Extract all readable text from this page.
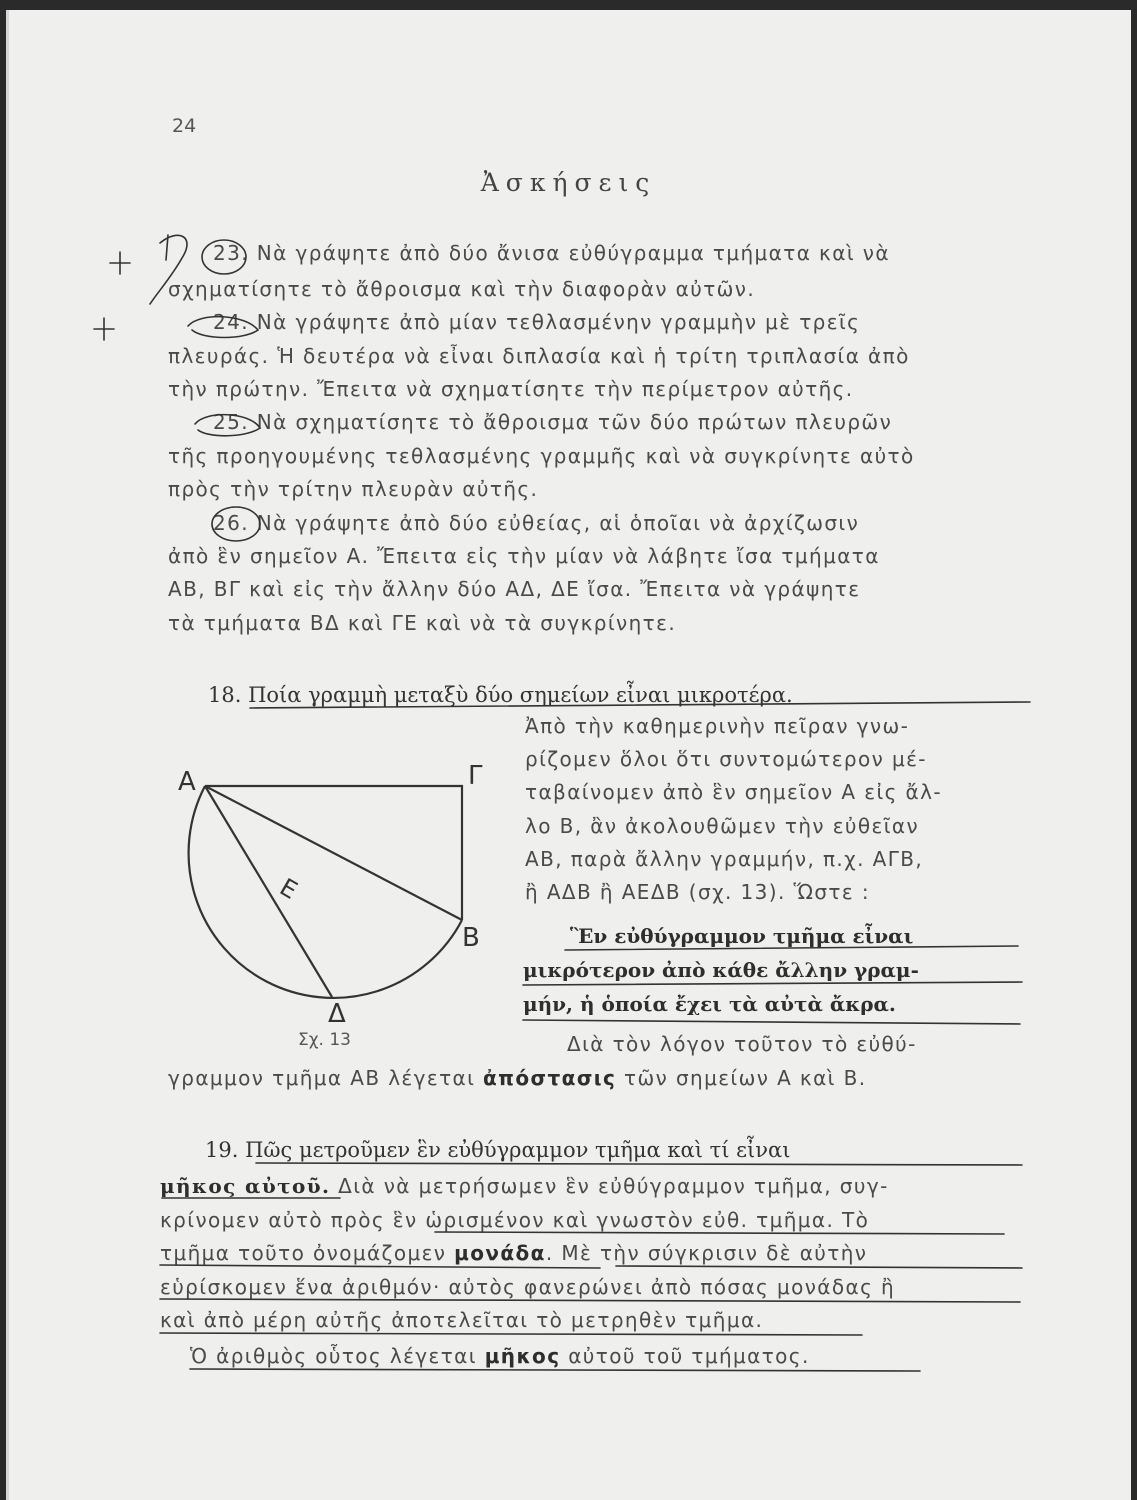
24
Ἀσκήσεις
23. Νὰ γράψητε ἀπὸ δύο ἄνισα εὐθύγραμμα τμήματα καὶ νὰ
σχηματίσητε τὸ ἄθροισμα καὶ τὴν διαφορὰν αὐτῶν.
24. Νὰ γράψητε ἀπὸ μίαν τεθλασμένην γραμμὴν μὲ τρεῖς
πλευράς. Ἡ δευτέρα νὰ εἶναι διπλασία καὶ ἡ τρίτη τριπλασία ἀπὸ
τὴν πρώτην. Ἔπειτα νὰ σχηματίσητε τὴν περίμετρον αὐτῆς.
25. Νὰ σχηματίσητε τὸ ἄθροισμα τῶν δύο πρώτων πλευρῶν
τῆς προηγουμένης τεθλασμένης γραμμῆς καὶ νὰ συγκρίνητε αὐτὸ
πρὸς τὴν τρίτην πλευρὰν αὐτῆς.
26. Νὰ γράψητε ἀπὸ δύο εὐθείας, αἱ ὁποῖαι νὰ ἀρχίζωσιν
ἀπὸ ἓν σημεῖον Α. Ἔπειτα εἰς τὴν μίαν νὰ λάβητε ἴσα τμήματα
ΑΒ, ΒΓ καὶ εἰς τὴν ἄλλην δύο ΑΔ, ΔΕ ἴσα. Ἔπειτα νὰ γράψητε
τὰ τμήματα ΒΔ καὶ ΓΕ καὶ νὰ τὰ συγκρίνητε.
18. Ποία γραμμὴ μεταξὺ δύο σημείων εἶναι μικροτέρα.
Ἀπὸ τὴν καθημερινὴν πεῖραν γνω-
ρίζομεν ὅλοι ὅτι συντομώτερον μέ-
ταβαίνομεν ἀπὸ ἓν σημεῖον Α εἰς ἄλ-
λο Β, ἂν ἀκολουθῶμεν τὴν εὐθεῖαν
ΑΒ, παρὰ ἄλλην γραμμήν, π.χ. ΑΓΒ,
ἢ ΑΔΒ ἢ ΑΕΔΒ (σχ. 13). Ὥστε :
Ἓν εὐθύγραμμον τμῆμα εἶναι
μικρότερον ἀπὸ κάθε ἄλλην γραμ-
μήν, ἡ ὁποία ἔχει τὰ αὐτὰ ἄκρα.
Διὰ τὸν λόγον τοῦτον τὸ εὐθύ-
γραμμον τμῆμα ΑΒ λέγεται ἀπόστασις τῶν σημείων Α καὶ Β.
A	Γ
B
E
Δ
Σχ. 13
19. Πῶς μετροῦμεν ἓν εὐθύγραμμον τμῆμα καὶ τί εἶναι
μῆκος αὐτοῦ. Διὰ νὰ μετρήσωμεν ἓν εὐθύγραμμον τμῆμα, συγ-
κρίνομεν αὐτὸ πρὸς ἓν ὡρισμένον καὶ γνωστὸν εὐθ. τμῆμα. Τὸ
τμῆμα τοῦτο ὀνομάζομεν μονάδα. Μὲ τὴν σύγκρισιν δὲ αὐτὴν
εὑρίσκομεν ἕνα ἀριθμόν· αὐτὸς φανερώνει ἀπὸ πόσας μονάδας ἢ
καὶ ἀπὸ μέρη αὐτῆς ἀποτελεῖται τὸ μετρηθὲν τμῆμα.
Ὁ ἀριθμὸς οὗτος λέγεται μῆκος αὐτοῦ τοῦ τμήματος.
